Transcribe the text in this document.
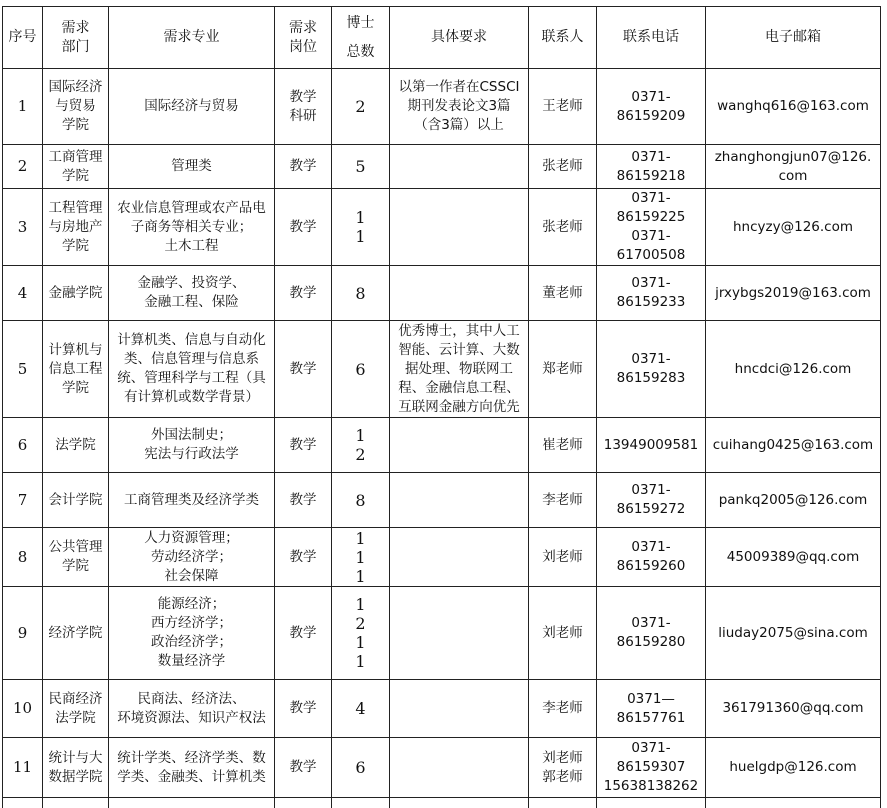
序号	需求
部门	需求专业	需求
岗位	博士
总数	具体要求	联系人	联系电话	电子邮箱
1	国际经济
与贸易
学院	国际经济与贸易	教学
科研	2	以第一作者在CSSCI
期刊发表论文3篇
（含3篇）以上	王老师	0371-86159209	wanghq616@163.com

2	工商管理
学院	管理类	教学	5		张老师	0371-86159218	zhanghongjun07@126.
com

3	工程管理
与房地产
学院	农业信息管理或农产品电
子商务等相关专业；
土木工程	教学	1
1		张老师	0371-86159225
0371-61700508	hncyzy@126.com

4	金融学院	金融学、投资学、
金融工程、保险	教学	8		董老师	0371-86159233	jrxybgs2019@163.com

5	计算机与
信息工程
学院	计算机类、信息与自动化
类、信息管理与信息系
统、管理科学与工程（具
有计算机或数学背景）	教学	6	优秀博士，其中人工
智能、云计算、大数
据处理、物联网工
程、金融信息工程、
互联网金融方向优先	郑老师	0371-86159283	hncdci@126.com

6	法学院	外国法制史；
宪法与行政法学	教学	1
2		崔老师	13949009581	cuihang0425@163.com

7	会计学院	工商管理类及经济学类	教学	8		李老师	0371-86159272	pankq2005@126.com

8	公共管理
学院	人力资源管理；
劳动经济学；
社会保障	教学	1
1
1		刘老师	0371-86159260	45009389@qq.com

9	经济学院	能源经济；
西方经济学；
政治经济学；
数量经济学	教学	1
2
1
1		刘老师	0371-86159280	liuday2075@sina.com

10	民商经济
法学院	民商法、经济法、
环境资源法、知识产权法	教学	4		李老师	0371—86157761	361791360@qq.com

11	统计与大
数据学院	统计学类、经济学类、数
学类、金融类、计算机类	教学	6		刘老师
郭老师	0371-86159307
15638138262	huelgdp@126.com
